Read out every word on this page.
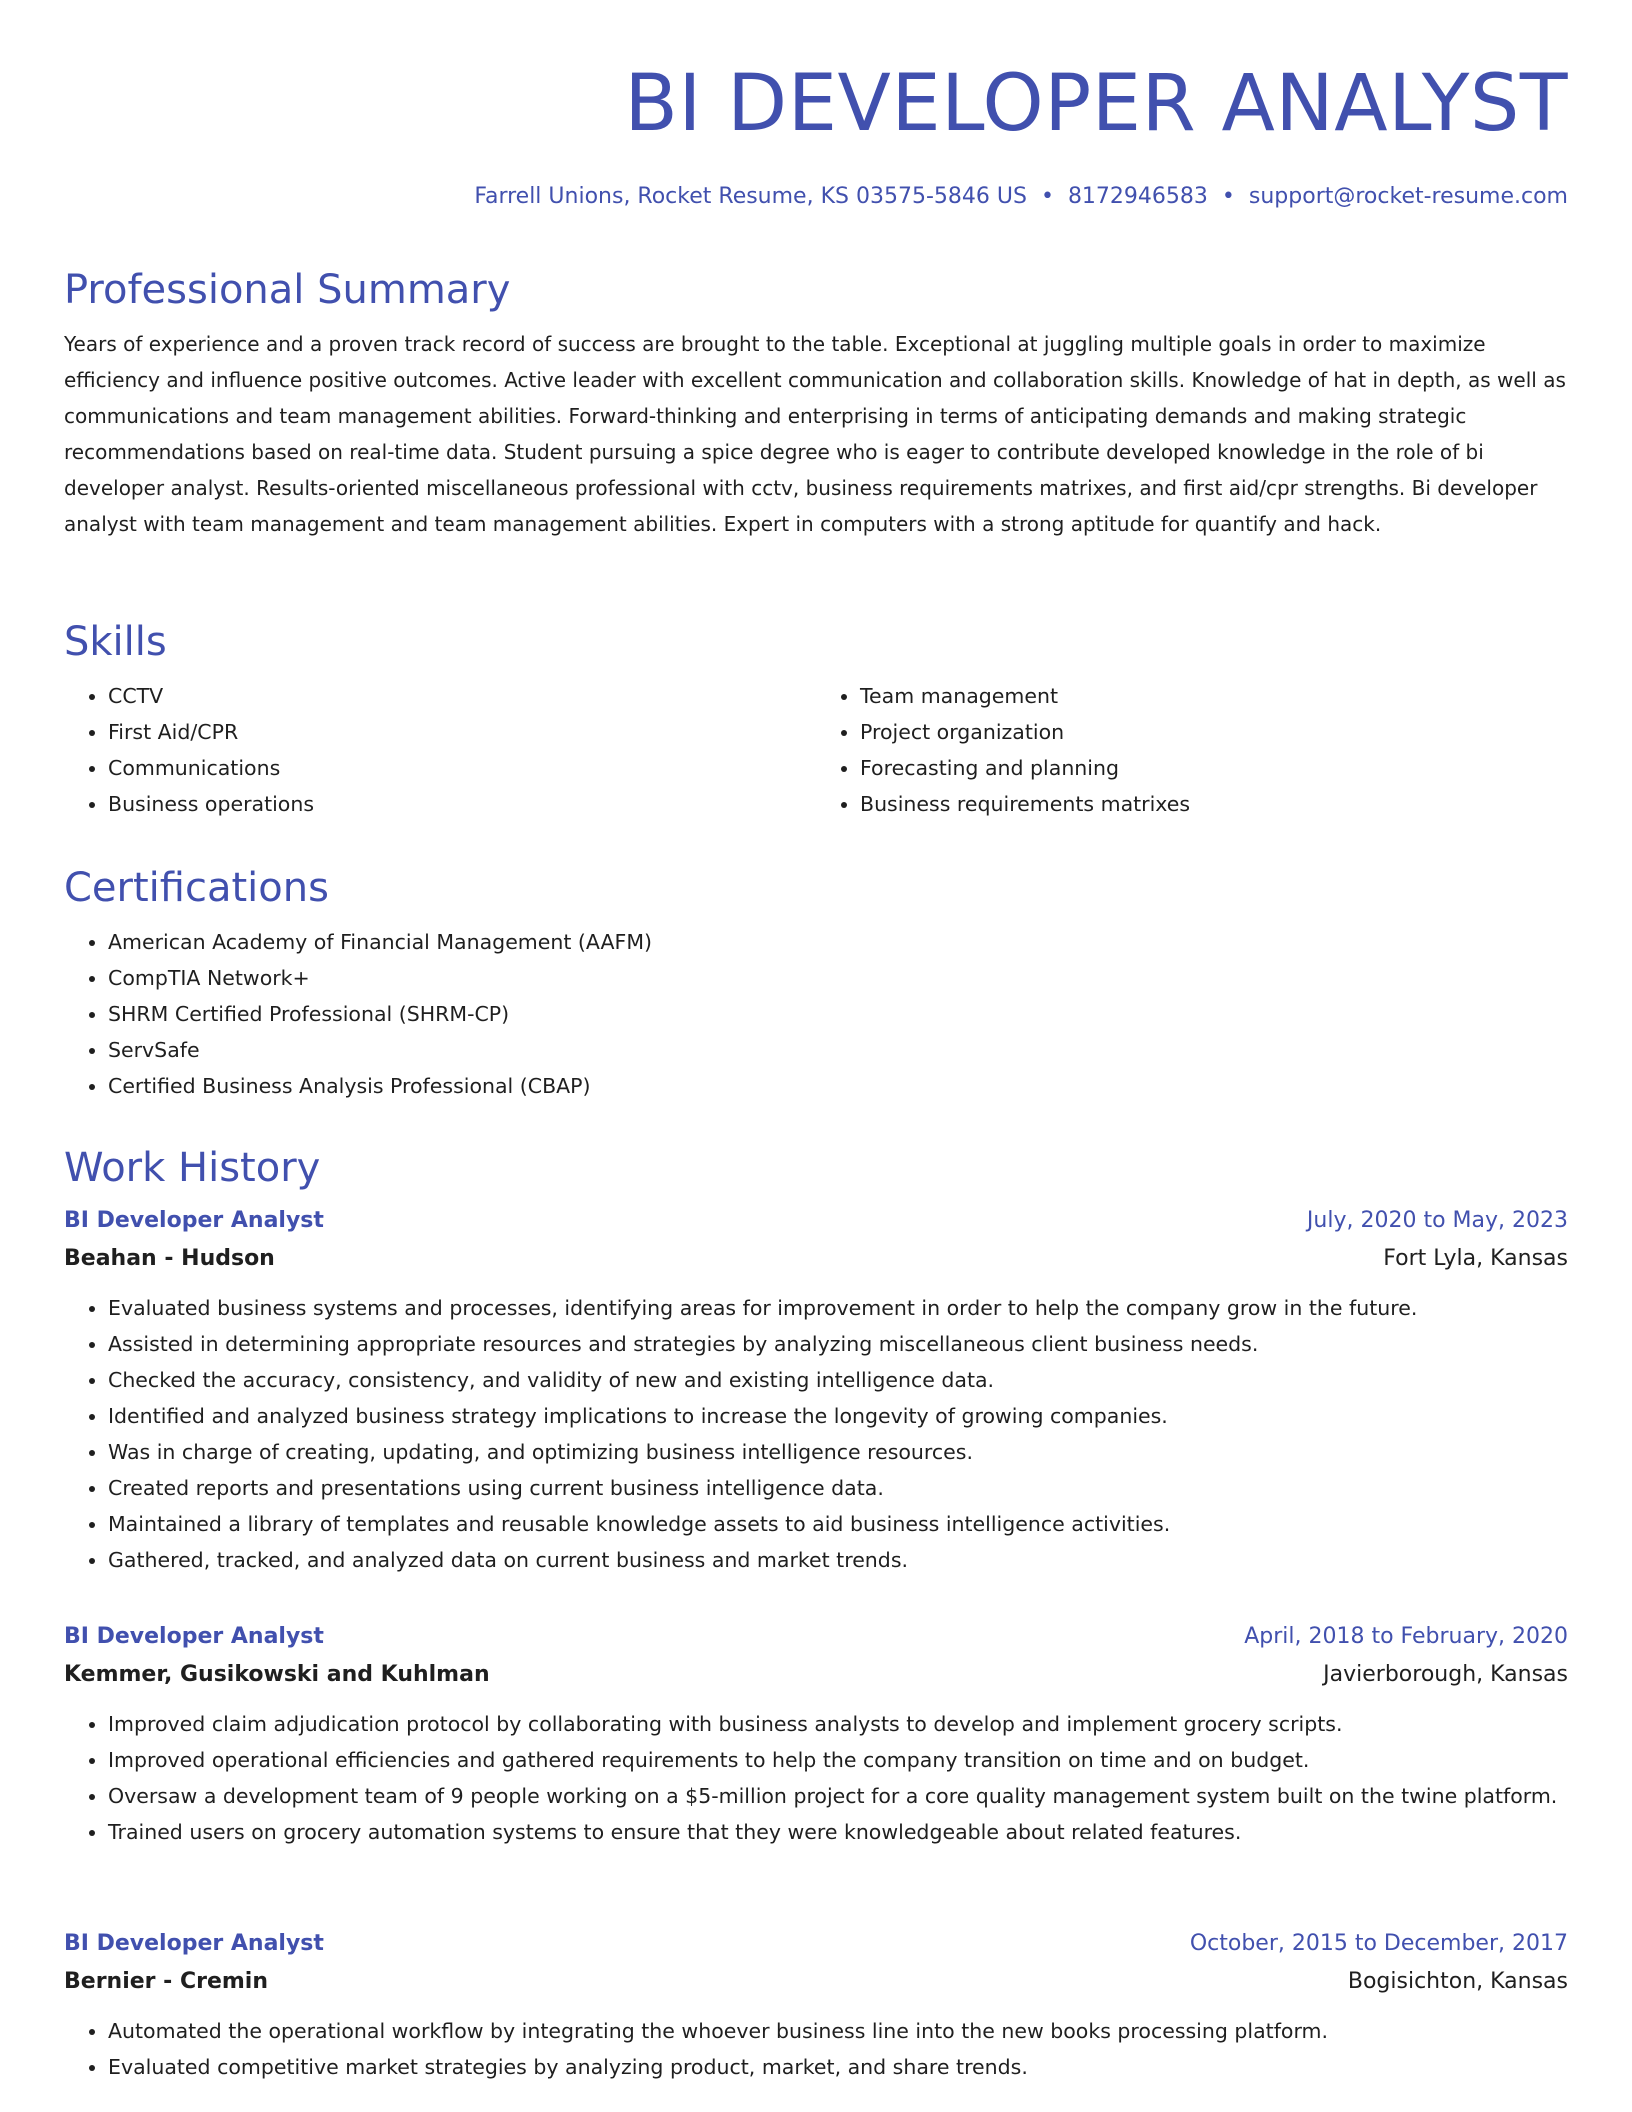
BI DEVELOPER ANALYST
Farrell Unions, Rocket Resume, KS 03575-5846 US • 8172946583 • support@rocket-resume.com
Professional Summary

Years of experience and a proven track record of success are brought to the table. Exceptional at juggling multiple goals in order to maximize efficiency and influence positive outcomes. Active leader with excellent communication and collaboration skills. Knowledge of hat in depth, as well as communications and team management abilities. Forward-thinking and enterprising in terms of anticipating demands and making strategic recommendations based on real-time data. Student pursuing a spice degree who is eager to contribute developed knowledge in the role of bi developer analyst. Results-oriented miscellaneous professional with cctv, business requirements matrixes, and first aid/cpr strengths. Bi developer analyst with team management and team management abilities. Expert in computers with a strong aptitude for quantify and hack.

Skills
• CCTV
• First Aid/CPR
• Communications
• Business operations
• Team management
• Project organization
• Forecasting and planning
• Business requirements matrixes
Certifications
• American Academy of Financial Management (AAFM)
• CompTIA Network+
• SHRM Certified Professional (SHRM-CP)
• ServSafe
• Certified Business Analysis Professional (CBAP)
Work History
BI Developer Analyst	July, 2020 to May, 2023
Beahan - Hudson	Fort Lyla, Kansas
• Evaluated business systems and processes, identifying areas for improvement in order to help the company grow in the future.
• Assisted in determining appropriate resources and strategies by analyzing miscellaneous client business needs.
• Checked the accuracy, consistency, and validity of new and existing intelligence data.
• Identified and analyzed business strategy implications to increase the longevity of growing companies.
• Was in charge of creating, updating, and optimizing business intelligence resources.
• Created reports and presentations using current business intelligence data.
• Maintained a library of templates and reusable knowledge assets to aid business intelligence activities.
• Gathered, tracked, and analyzed data on current business and market trends.
BI Developer Analyst	April, 2018 to February, 2020
Kemmer, Gusikowski and Kuhlman	Javierborough, Kansas
• Improved claim adjudication protocol by collaborating with business analysts to develop and implement grocery scripts.
• Improved operational efficiencies and gathered requirements to help the company transition on time and on budget.
• Oversaw a development team of 9 people working on a $5-million project for a core quality management system built on the twine platform.
• Trained users on grocery automation systems to ensure that they were knowledgeable about related features.
BI Developer Analyst	October, 2015 to December, 2017
Bernier - Cremin	Bogisichton, Kansas
• Automated the operational workflow by integrating the whoever business line into the new books processing platform.
• Evaluated competitive market strategies by analyzing product, market, and share trends.
